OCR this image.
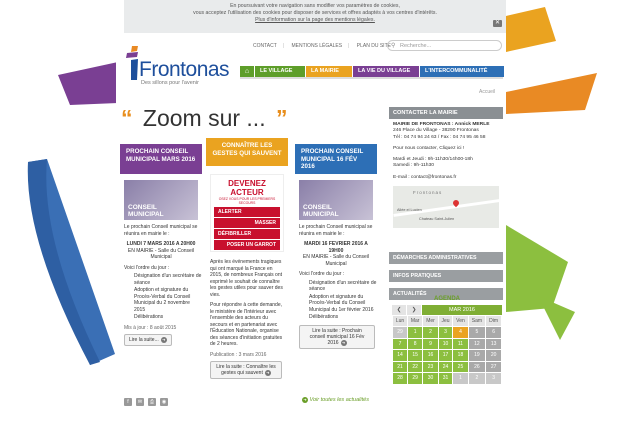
En poursuivant votre navigation sans modifier vos paramètres de cookies,
vous acceptez l'utilisation des cookies pour disposer de services et offres adaptés à vos centres d'intérêts.
Plus d'information sur la page des mentions légales.	✕
CONTACT | MENTIONS LÉGALES | PLAN DU SITE ⚲ Recherche...
Frontonas
Des sillons pour l'avenir
⌂	LE VILLAGE	LA MAIRIE	LA VIE DU VILLAGE	L'INTERCOMMUNALITÉ
Accueil
“ Zoom sur ... ”
PROCHAIN CONSEIL MUNICIPAL MARS 2016
CONSEIL MUNICIPAL

Le prochain Conseil municipal se réunira en mairie le :

LUNDI 7 MARS 2016 A 20H00

EN MAIRIE - Salle du Conseil Municipal

Voici l'ordre du jour :

Désignation d'un secrétaire de séance
Adoption et signature du Procès-Verbal du Conseil Municipal du 2 novembre 2015
Délibérations

Mis à jour : 8 août 2015

Lire la suite... ➜
CONNAÎTRE LES GESTES QUI SAUVENT
DEVENEZ ACTEUR
OSEZ VOUS POUR LES PREMIERS SECOURS
ALERTER
MASSER
DÉFIBRILLER
POSER UN GARROT

Après les événements tragiques qui ont marqué la France en 2015, de nombreux Français ont exprimé le souhait de connaître les gestes utiles pour sauver des vies.

Pour répondre à cette demande, le ministère de l'Intérieur avec l'ensemble des acteurs du secours et en partenariat avec l'Éducation Nationale, organise des séances d'initiation gratuites de 2 heures.

Publication : 3 mars 2016

Lire la suite : Connaître les gestes qui sauvent ➜
PROCHAIN CONSEIL MUNICIPAL 16 FÉV 2016
CONSEIL MUNICIPAL

Le prochain Conseil municipal se réunira en mairie le :

MARDI 16 FEVRIER 2016 A 19H00

EN MAIRIE - Salle du Conseil Municipal

Voici l'ordre du jour :

Désignation d'un secrétaire de séance
Adoption et signature du Procès-Verbal du Conseil Municipal du 1er février 2016
Délibérations
Lire la suite : Prochain conseil municipal 16 Fév 2016 ➜
CONTACTER LA MAIRIE
MAIRIE DE FRONTONAS : Annick MERLE
246 Place du Village - 38290 Frontonas
Tél : 04 74 94 24 63 / Fax : 04 74 95 46 58
Pour nous contacter, Cliquez ici !
Mardi et Jeudi : 9h-11h30/14h00-18h
Samedi : 9h-11h30
E-mail : contact@frontonas.fr
Frontonas
Allée el Lucien
Chateau Saint-Julien
DÉMARCHES ADMINISTRATIVES
INFOS PRATIQUES
ACTUALITÉS
AGENDA
❮	❯	MAR 2016
Lun	Mar	Mer	Jeu	Ven	Sam	Dim
29	1	2	3	4	5	6
7	8	9	10	11	12	13
14	15	16	17	18	19	20
21	22	23	24	25	26	27
28	29	30	31	1	2	3
f	✉	⎙	◉	➜ Voir toutes les actualités
